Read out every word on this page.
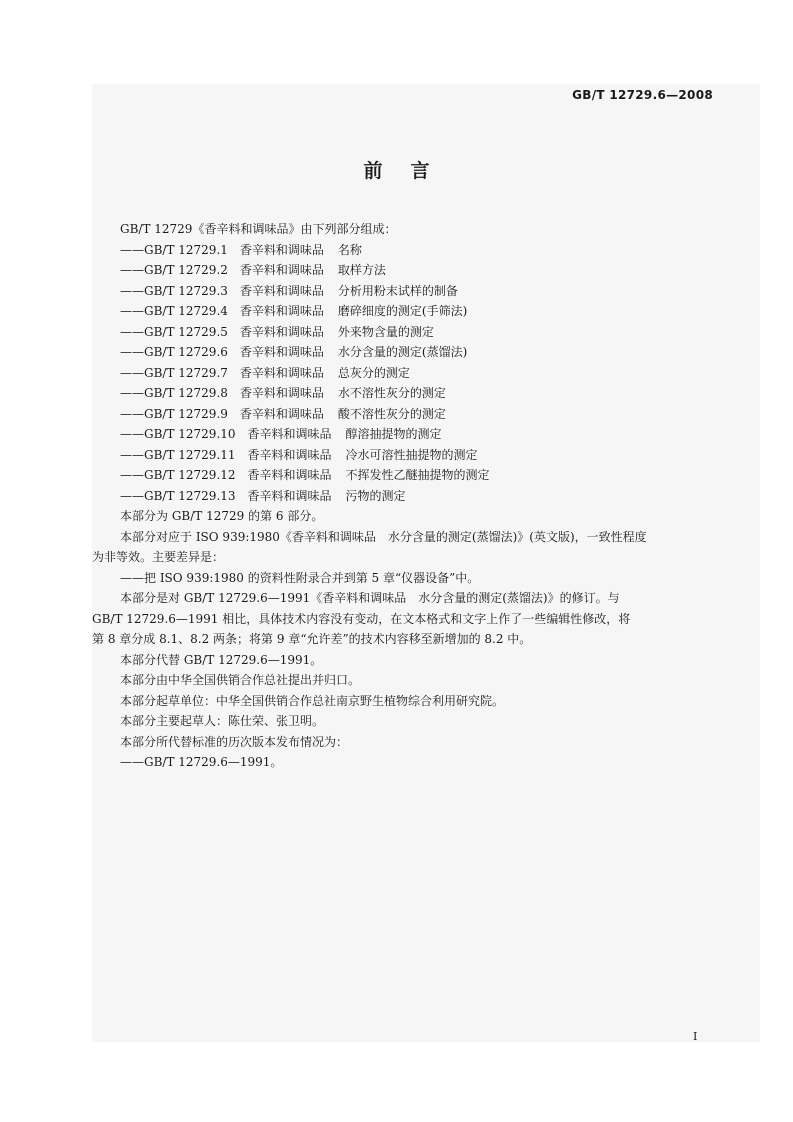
GB/T 12729.6—2008
前言
GB/T 12729《香辛料和调味品》由下列部分组成：
——GB/T 12729.1 香辛料和调味品 名称
——GB/T 12729.2 香辛料和调味品 取样方法
——GB/T 12729.3 香辛料和调味品 分析用粉末试样的制备
——GB/T 12729.4 香辛料和调味品 磨碎细度的测定(手筛法)
——GB/T 12729.5 香辛料和调味品 外来物含量的测定
——GB/T 12729.6 香辛料和调味品 水分含量的测定(蒸馏法)
——GB/T 12729.7 香辛料和调味品 总灰分的测定
——GB/T 12729.8 香辛料和调味品 水不溶性灰分的测定
——GB/T 12729.9 香辛料和调味品 酸不溶性灰分的测定
——GB/T 12729.10 香辛料和调味品 醇溶抽提物的测定
——GB/T 12729.11 香辛料和调味品 冷水可溶性抽提物的测定
——GB/T 12729.12 香辛料和调味品 不挥发性乙醚抽提物的测定
——GB/T 12729.13 香辛料和调味品 污物的测定
本部分为 GB/T 12729 的第 6 部分。
本部分对应于 ISO 939:1980《香辛料和调味品　水分含量的测定(蒸馏法)》(英文版)，一致性程度
为非等效。主要差异是：
——把 ISO 939:1980 的资料性附录合并到第 5 章“仪器设备”中。
本部分是对 GB/T 12729.6—1991《香辛料和调味品　水分含量的测定(蒸馏法)》的修订。与
GB/T 12729.6—1991 相比，具体技术内容没有变动，在文本格式和文字上作了一些编辑性修改，将
第 8 章分成 8.1、8.2 两条；将第 9 章“允许差”的技术内容移至新增加的 8.2 中。
本部分代替 GB/T 12729.6—1991。
本部分由中华全国供销合作总社提出并归口。
本部分起草单位：中华全国供销合作总社南京野生植物综合利用研究院。
本部分主要起草人：陈仕荣、张卫明。
本部分所代替标准的历次版本发布情况为：
——GB/T 12729.6—1991。
I
